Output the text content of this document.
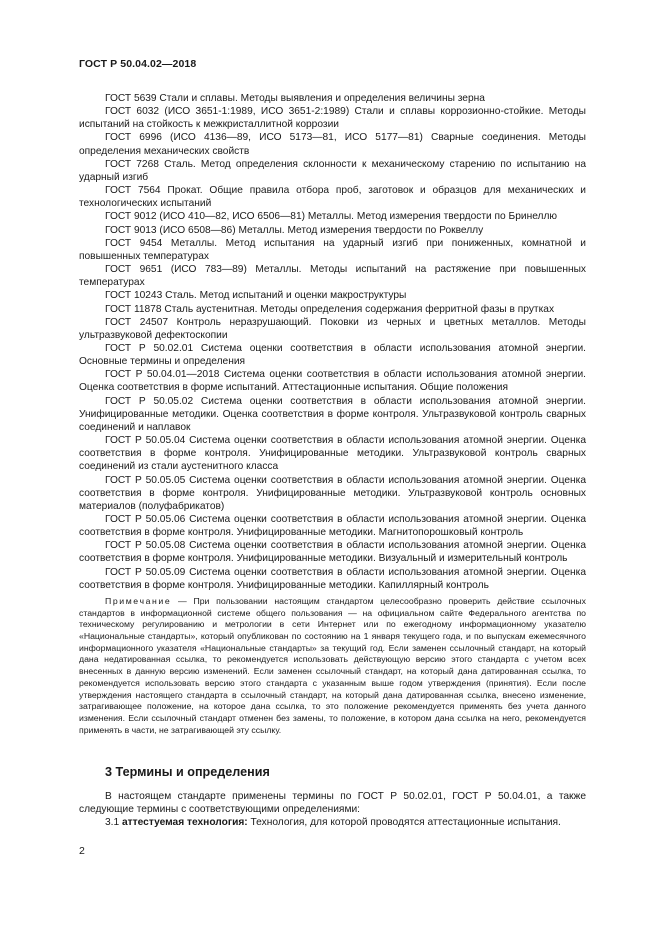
ГОСТ Р 50.04.02—2018

ГОСТ 5639 Стали и сплавы. Методы выявления и определения величины зерна

ГОСТ 6032 (ИСО 3651-1:1989, ИСО 3651-2:1989) Стали и сплавы коррозионно-стойкие. Методы испытаний на стойкость к межкристаллитной коррозии

ГОСТ 6996 (ИСО 4136—89, ИСО 5173—81, ИСО 5177—81) Сварные соединения. Методы определения механических свойств

ГОСТ 7268 Сталь. Метод определения склонности к механическому старению по испытанию на ударный изгиб

ГОСТ 7564 Прокат. Общие правила отбора проб, заготовок и образцов для механических и технологических испытаний

ГОСТ 9012 (ИСО 410—82, ИСО 6506—81) Металлы. Метод измерения твердости по Бринеллю

ГОСТ 9013 (ИСО 6508—86) Металлы. Метод измерения твердости по Роквеллу

ГОСТ 9454 Металлы. Метод испытания на ударный изгиб при пониженных, комнатной и повышенных температурах

ГОСТ 9651 (ИСО 783—89) Металлы. Методы испытаний на растяжение при повышенных температурах

ГОСТ 10243 Сталь. Метод испытаний и оценки макроструктуры

ГОСТ 11878 Сталь аустенитная. Методы определения содержания ферритной фазы в прутках

ГОСТ 24507 Контроль неразрушающий. Поковки из черных и цветных металлов. Методы ультразвуковой дефектоскопии

ГОСТ Р 50.02.01 Система оценки соответствия в области использования атомной энергии. Основные термины и определения

ГОСТ Р 50.04.01—2018 Система оценки соответствия в области использования атомной энергии. Оценка соответствия в форме испытаний. Аттестационные испытания. Общие положения

ГОСТ Р 50.05.02 Система оценки соответствия в области использования атомной энергии. Унифицированные методики. Оценка соответствия в форме контроля. Ультразвуковой контроль сварных соединений и наплавок

ГОСТ Р 50.05.04 Система оценки соответствия в области использования атомной энергии. Оценка соответствия в форме контроля. Унифицированные методики. Ультразвуковой контроль сварных соединений из стали аустенитного класса

ГОСТ Р 50.05.05 Система оценки соответствия в области использования атомной энергии. Оценка соответствия в форме контроля. Унифицированные методики. Ультразвуковой контроль основных материалов (полуфабрикатов)

ГОСТ Р 50.05.06 Система оценки соответствия в области использования атомной энергии. Оценка соответствия в форме контроля. Унифицированные методики. Магнитопорошковый контроль

ГОСТ Р 50.05.08 Система оценки соответствия в области использования атомной энергии. Оценка соответствия в форме контроля. Унифицированные методики. Визуальный и измерительный контроль

ГОСТ Р 50.05.09 Система оценки соответствия в области использования атомной энергии. Оценка соответствия в форме контроля. Унифицированные методики. Капиллярный контроль

Примечание — При пользовании настоящим стандартом целесообразно проверить действие ссылочных стандартов в информационной системе общего пользования — на официальном сайте Федерального агентства по техническому регулированию и метрологии в сети Интернет или по ежегодному информационному указателю «Национальные стандарты», который опубликован по состоянию на 1 января текущего года, и по выпускам ежемесячного информационного указателя «Национальные стандарты» за текущий год. Если заменен ссылочный стандарт, на который дана недатированная ссылка, то рекомендуется использовать действующую версию этого стандарта с учетом всех внесенных в данную версию изменений. Если заменен ссылочный стандарт, на который дана датированная ссылка, то рекомендуется использовать версию этого стандарта с указанным выше годом утверждения (принятия). Если после утверждения настоящего стандарта в ссылочный стандарт, на который дана датированная ссылка, внесено изменение, затрагивающее положение, на которое дана ссылка, то это положение рекомендуется применять без учета данного изменения. Если ссылочный стандарт отменен без замены, то положение, в котором дана ссылка на него, рекомендуется применять в части, не затрагивающей эту ссылку.

3 Термины и определения

В настоящем стандарте применены термины по ГОСТ Р 50.02.01, ГОСТ Р 50.04.01, а также следующие термины с соответствующими определениями:

3.1 аттестуемая технология: Технология, для которой проводятся аттестационные испытания.

2
